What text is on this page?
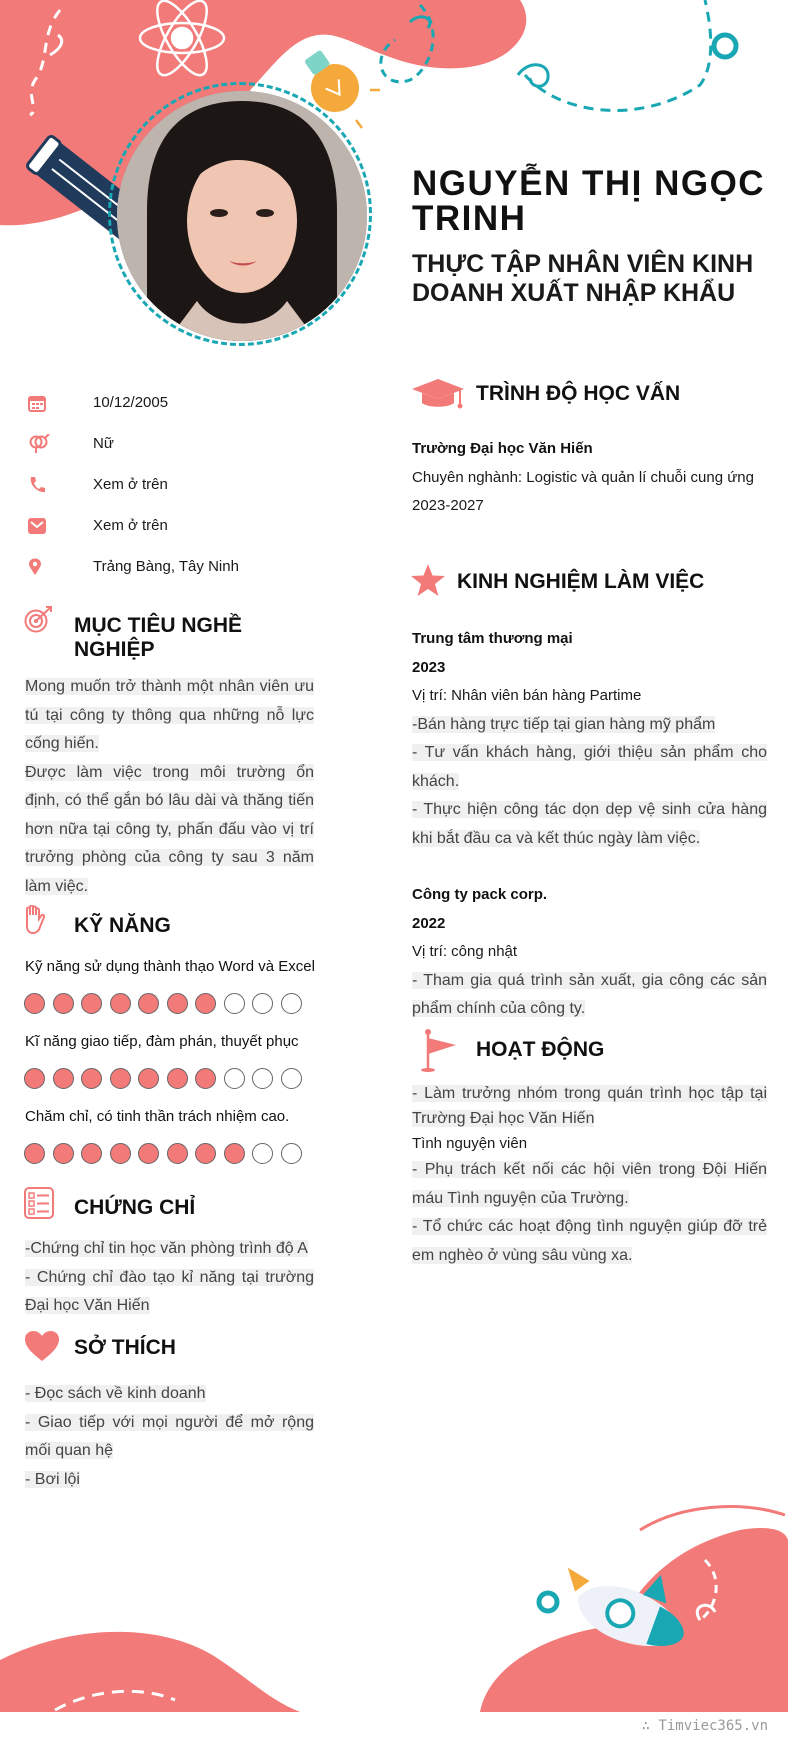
NGUYỄN THỊ NGỌC TRINH
THỰC TẬP NHÂN VIÊN KINH DOANH XUẤT NHẬP KHẨU
10/12/2005
Nữ
Xem ở trên
Xem ở trên
Trảng Bàng, Tây Ninh
MỤC TIÊU NGHỀ NGHIỆP

Mong muốn trở thành một nhân viên ưu tú tại công ty thông qua những nỗ lực cống hiến.

Được làm việc trong môi trường ổn định, có thể gắn bó lâu dài và thăng tiến hơn nữa tại công ty, phấn đấu vào vị trí trưởng phòng của công ty sau 3 năm làm việc.

KỸ NĂNG
Kỹ năng sử dụng thành thạo Word và Excel
Kĩ năng giao tiếp, đàm phán, thuyết phục
Chăm chỉ, có tinh thần trách nhiệm cao.
CHỨNG CHỈ

-Chứng chỉ tin học văn phòng trình độ A

- Chứng chỉ đào tạo kỉ năng tại trường Đại học Văn Hiến

SỞ THÍCH

- Đọc sách về kinh doanh

- Giao tiếp với mọi người để mở rộng mối quan hệ

- Bơi lội

TRÌNH ĐỘ HỌC VẤN

Trường Đại học Văn Hiến

Chuyên nghành: Logistic và quản lí chuỗi cung ứng

2023-2027

KINH NGHIỆM LÀM VIỆC

Trung tâm thương mại

2023

Vị trí: Nhân viên bán hàng Partime

-Bán hàng trực tiếp tại gian hàng mỹ phẩm

- Tư vấn khách hàng, giới thiệu sản phẩm cho khách.

- Thực hiện công tác dọn dẹp vệ sinh cửa hàng khi bắt đầu ca và kết thúc ngày làm việc.

Công ty pack corp.

2022

Vị trí: công nhật

- Tham gia quá trình sản xuất, gia công các sản phẩm chính của công ty.

HOẠT ĐỘNG

- Làm trưởng nhóm trong quán trình học tập tại Trường Đại học Văn Hiến

Tình nguyện viên

- Phụ trách kết nối các hội viên trong Đội Hiến máu Tình nguyện của Trường.

- Tổ chức các hoạt động tình nguyện giúp đỡ trẻ em nghèo ở vùng sâu vùng xa.

∴ Timviec365.vn
